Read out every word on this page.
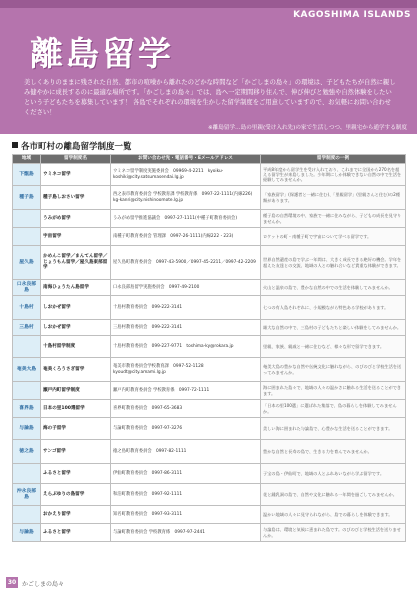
KAGOSHIMA ISLANDS
離島留学
美しくありのままに残された自然、都市の喧噪から離れたのどかな時間など「かごしまの島々」の環境は、子どもたちが自然に親しみ健やかに成長するのに最適な場所です。「かごしまの島々」では、島へ一定期間移り住んで、伸び伸びと勉強や自然体験をしたいという子どもたちを募集しています！ 各島でそれぞれの環境を生かした留学制度をご用意していますので、お気軽にお問い合わせください！
※離島留学…島の里親(受け入れ先)の家で生活しつつ、里親宅から通学する制度
各市町村の離島留学制度一覧
地域	留学制度名	お問い合わせ先・電話番号・Eメールアドレス	留学制度の一例
下甑島	ウミネコ留学	ウミネコ留学制度実施委員会　09969-4-2211　kyoiku-koshiki@city.satsumasendai.lg.jp	平成8年度から留学生を受け入れており、これまでに全国から270名を超える留学生が来島しました。少年期にしか体験できない自然の中で生活を経験してみませんか。
種子島	種子島しおさい留学	西之表市教育委員会 学校教育課 学校教育係　0997-22-1111(内線226)　kg-kanri@city.nishinoomote.lg.jp	「家族留学」(保護者と一緒に住む)、「里親留学」(里親さんと住む)の2種類があります。
	うみがめ留学	うみがめ留学推進協議会　0997-27-1111(中種子町教育委員会)	種子島の自然環境の中、家族で一緒に住みながら、子どもの成長を見守りませんか。
	宇宙留学	南種子町教育委員会 管理課　0997-26-1111(内線222・223)	ロケットの町・南種子町で宇宙について学べる留学です。
屋久島	かめんこ留学／まんてん留学／じょうもん留学／屋久島東部留学	屋久島町教育委員会　0997-43-5900／0997-45-2211／0997-42-2209	世界自然遺産の島で学ぶ一年間は、大きく成長できる絶好の機会。学年を超えた友達との交流、地域の人との触れ合いなど貴重な体験ができます。
口永良部島	南海ひょうたん島留学	口永良部島留学実施委員会　0997-49-2100	火山と温泉の島で、豊かな自然の中での生活を体験してみませんか。
十島村	しおかぜ留学	十島村教育委員会　099-222-3141	七つの有人島それぞれに、小規模ながら特色ある学校があります。
三島村	しおかぜ留学	三島村教育委員会　099-222-3141	雄大な自然の中で、三島村の子どもたちと楽しい体験をしてみませんか。
	十島村留学制度	十島村教育委員会　099-227-9771　toshima-ky@rokara.jp	里親、家族、親戚と一緒に住むなど、様々な形で留学できます。
奄美大島	奄美くろうさぎ留学	奄美市教育委員会学校教育課　0997-52-1128　kyoudt@city.amami.lg.jp	奄美大島の豊かな自然や伝統文化に触れながら、のびのびと学校生活を送ってみませんか。
	瀬戸内町留学制度	瀬戸内町教育委員会 学校教育係　0997-72-1111	海に囲まれた島々で、地域の人々の温かさに触れる生活を送ることができます。
喜界島	日本の里100選留学	喜界町教育委員会　0997-65-3683	「日本の里100選」に選ばれた集落で、島の暮らしを体験してみませんか。
与論島	海の子留学	与論町教育委員会　0997-97-3276	美しい海に囲まれた与論島で、心豊かな生活を送ることができます。
徳之島	サンゴ留学	徳之島町教育委員会　0997-82-1111	豊かな自然と長寿の島で、生きる力を育んでみませんか。
	ふるさと留学	伊仙町教育委員会　0997-86-3111	子宝の島・伊仙町で、地域の人とふれあいながら学ぶ留学です。
沖永良部島	えらぶゆりの島留学	和泊町教育委員会　0997-92-1111	花と鍾乳洞の島で、自然や文化に触れる一年間を過ごしてみませんか。
	おかえり留学	知名町教育委員会　0997-93-3111	温かい地域の人々に見守られながら、島での暮らしを体験できます。
与論島	ふるさと留学	与論町教育委員会 学校教育係　0997-97-2441	与論島は、環境と気候に恵まれた島です。のびのびと学校生活を送りませんか。
30 かごしまの島々
